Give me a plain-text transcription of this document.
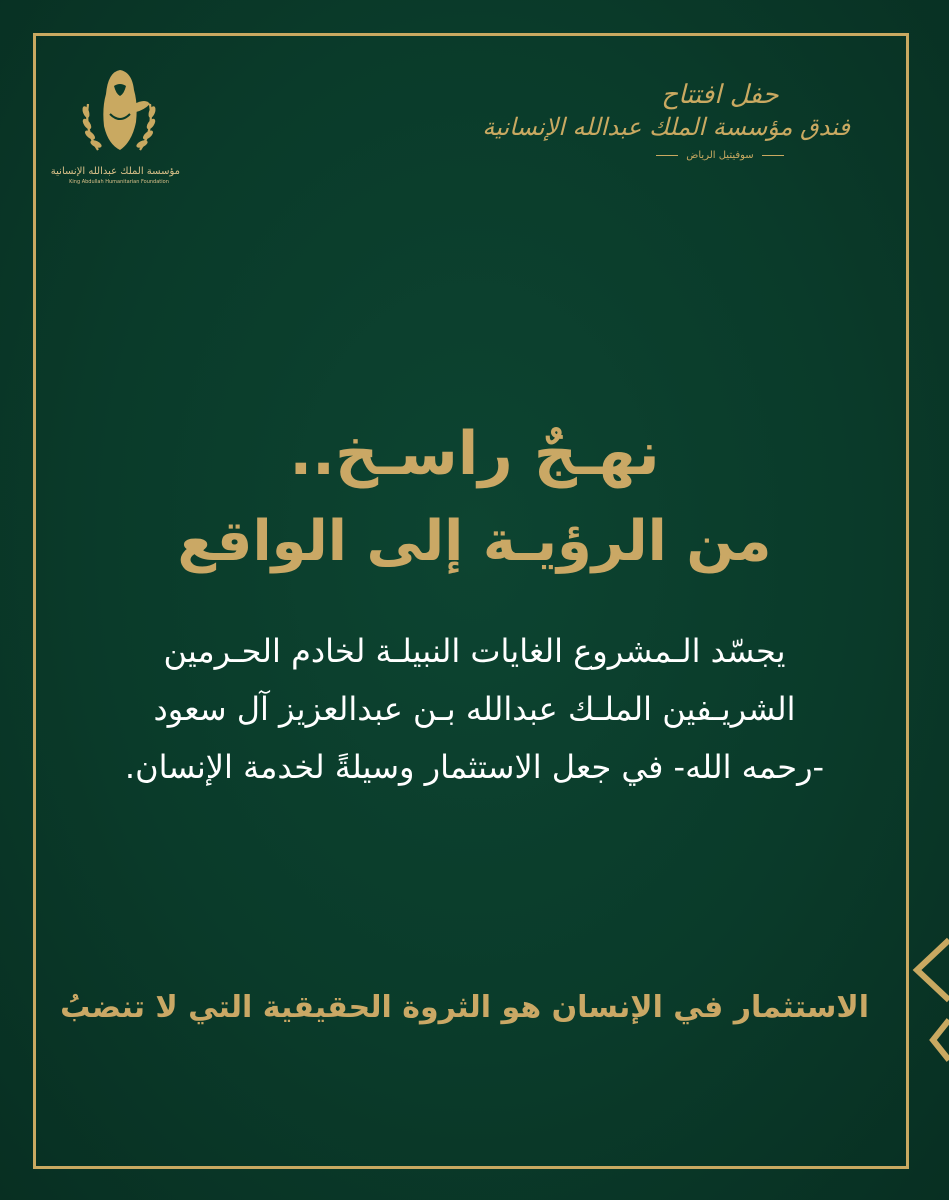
مؤسسة الملك عبدالله الإنسانية
King Abdullah Humanitarian Foundation
حفل افتتاح
فندق مؤسسة الملك عبدالله الإنسانية
سوفيتيل الرياض
نهـجٌ راسـخ..
من الرؤيـة إلى الواقع
يجسّد الـمشروع الغايات النبيلـة لخادم الحـرمين
الشريـفين الملـك عبدالله بـن عبدالعزيز آل سعود
-رحمه الله- في جعل الاستثمار وسيلةً لخدمة الإنسان.
الاستثمار في الإنسان هو الثروة الحقيقية التي لا تنضبُ
